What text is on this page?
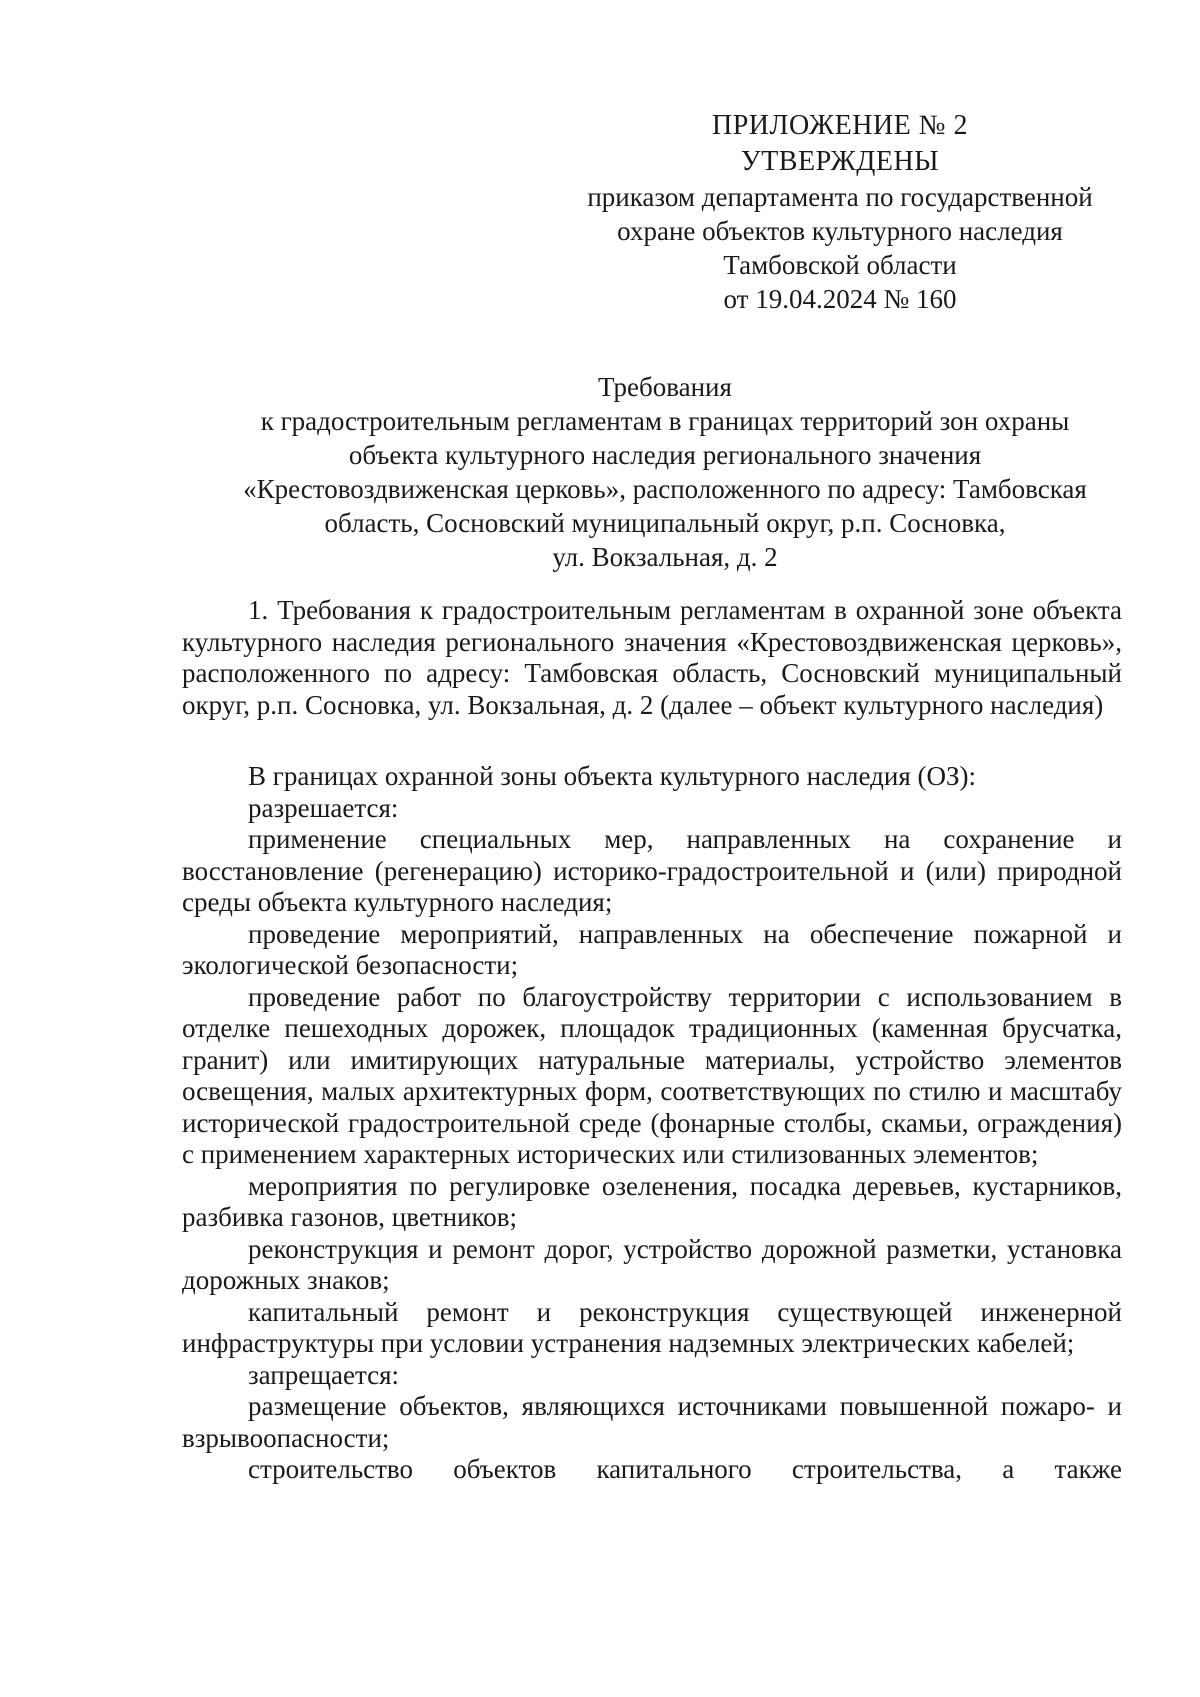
ПРИЛОЖЕНИЕ № 2
УТВЕРЖДЕНЫ
приказом департамента по государственной
охране объектов культурного наследия
Тамбовской области
от 19.04.2024 № 160
Требования
к градостроительным регламентам в границах территорий зон охраны
объекта культурного наследия регионального значения
«Крестовоздвиженская церковь», расположенного по адресу: Тамбовская
область, Сосновский муниципальный округ, р.п. Сосновка,
ул. Вокзальная, д. 2

1. Требования к градостроительным регламентам в охранной зоне объекта культурного наследия регионального значения «Крестовоздвиженская церковь», расположенного по адресу: Тамбовская область, Сосновский муниципальный округ, р.п. Сосновка, ул. Вокзальная, д. 2 (далее – объект культурного наследия)

В границах охранной зоны объекта культурного наследия (ОЗ):

разрешается:

применение специальных мер, направленных на сохранение и восстановление (регенерацию) историко-градостроительной и (или) природной среды объекта культурного наследия;

проведение мероприятий, направленных на обеспечение пожарной и экологической безопасности;

проведение работ по благоустройству территории с использованием в отделке пешеходных дорожек, площадок традиционных (каменная брусчатка, гранит) или имитирующих натуральные материалы, устройство элементов освещения, малых архитектурных форм, соответствующих по стилю и масштабу исторической градостроительной среде (фонарные столбы, скамьи, ограждения) с применением характерных исторических или стилизованных элементов;

мероприятия по регулировке озеленения, посадка деревьев, кустарников, разбивка газонов, цветников;

реконструкция и ремонт дорог, устройство дорожной разметки, установка дорожных знаков;

капитальный ремонт и реконструкция существующей инженерной инфраструктуры при условии устранения надземных электрических кабелей;

запрещается:

размещение объектов, являющихся источниками повышенной пожаро- и взрывоопасности;

строительство объектов капитального строительства, а также
